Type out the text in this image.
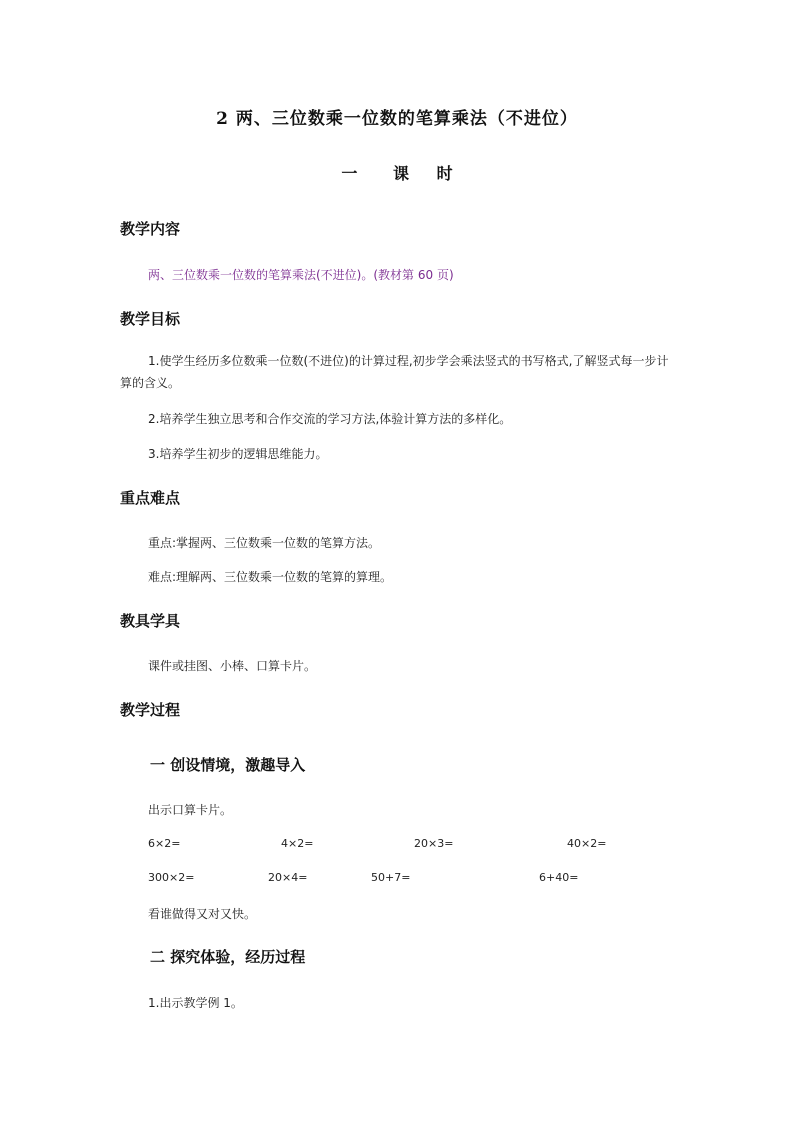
2 两、三位数乘一位数的笔算乘法（不进位）
一 课 时
教学内容
两、三位数乘一位数的笔算乘法(不进位)。(教材第 60 页)
教学目标
1.使学生经历多位数乘一位数(不进位)的计算过程,初步学会乘法竖式的书写格式,了解竖式每一步计算的含义。
2.培养学生独立思考和合作交流的学习方法,体验计算方法的多样化。
3.培养学生初步的逻辑思维能力。
重点难点
重点:掌握两、三位数乘一位数的笔算方法。
难点:理解两、三位数乘一位数的笔算的算理。
教具学具
课件或挂图、小棒、口算卡片。
教学过程
一 创设情境，激趣导入
出示口算卡片。
6×2=	4×2=	20×3=	40×2=
300×2=	20×4=	50+7=	6+40=
看谁做得又对又快。
二 探究体验，经历过程
1.出示教学例 1。
